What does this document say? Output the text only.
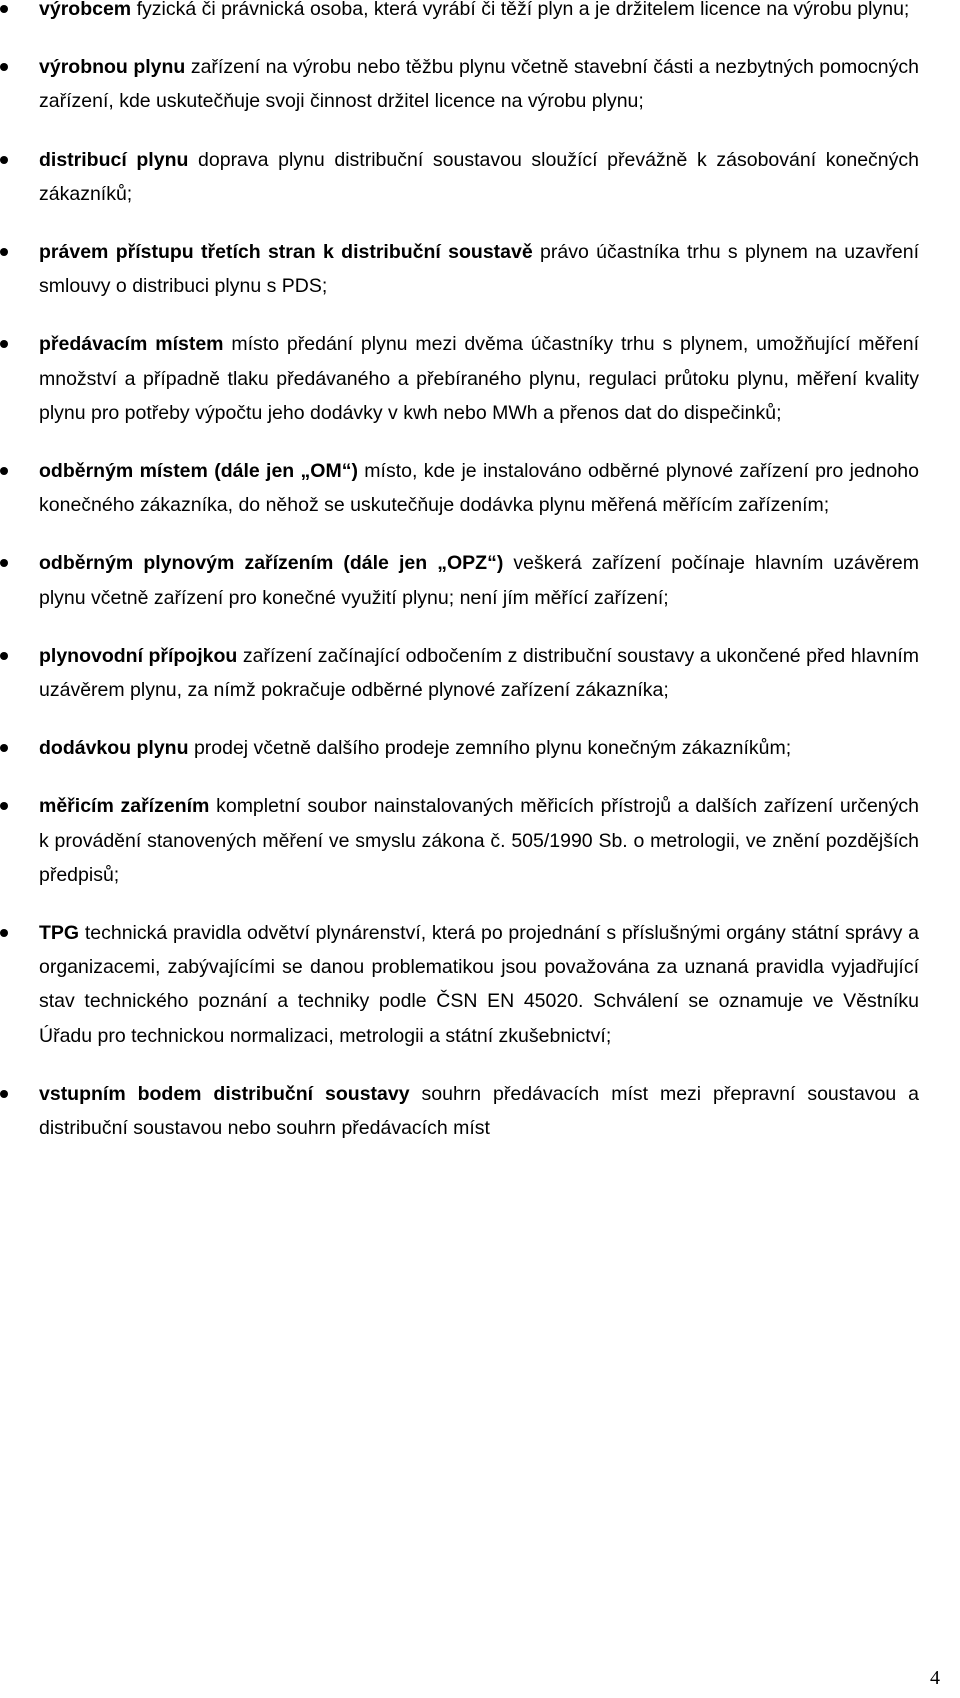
výrobcem fyzická či právnická osoba, která vyrábí či těží plyn a je držitelem licence na výrobu plynu;
výrobnou plynu zařízení na výrobu nebo těžbu plynu včetně stavební části a nezbytných pomocných zařízení, kde uskutečňuje svoji činnost držitel licence na výrobu plynu;
distribucí plynu doprava plynu distribuční soustavou sloužící převážně k zásobování konečných zákazníků;
právem přístupu třetích stran k distribuční soustavě právo účastníka trhu s plynem na uzavření smlouvy o distribuci plynu s PDS;
předávacím místem místo předání plynu mezi dvěma účastníky trhu s plynem, umožňující měření množství a případně tlaku předávaného a přebíraného plynu, regulaci průtoku plynu, měření kvality plynu pro potřeby výpočtu jeho dodávky v kwh nebo MWh a přenos dat do dispečinků;
odběrným místem (dále jen „OM“) místo, kde je instalováno odběrné plynové zařízení pro jednoho konečného zákazníka, do něhož se uskutečňuje dodávka plynu měřená měřícím zařízením;
odběrným plynovým zařízením (dále jen „OPZ“) veškerá zařízení počínaje hlavním uzávěrem plynu včetně zařízení pro konečné využití plynu; není jím měřící zařízení;
plynovodní přípojkou zařízení začínající odbočením z distribuční soustavy a ukončené před hlavním uzávěrem plynu, za nímž pokračuje odběrné plynové zařízení zákazníka;
dodávkou plynu prodej včetně dalšího prodeje zemního plynu konečným zákazníkům;
měřicím zařízením kompletní soubor nainstalovaných měřicích přístrojů a dalších zařízení určených k provádění stanovených měření ve smyslu zákona č. 505/1990 Sb. o metrologii, ve znění pozdějších předpisů;
TPG technická pravidla odvětví plynárenství, která po projednání s příslušnými orgány státní správy a organizacemi, zabývajícími se danou problematikou jsou považována za uznaná pravidla vyjadřující stav technického poznání a techniky podle ČSN EN 45020. Schválení se oznamuje ve Věstníku Úřadu pro technickou normalizaci, metrologii a státní zkušebnictví;
vstupním bodem distribuční soustavy souhrn předávacích míst mezi přepravní soustavou a distribuční soustavou nebo souhrn předávacích míst
4
